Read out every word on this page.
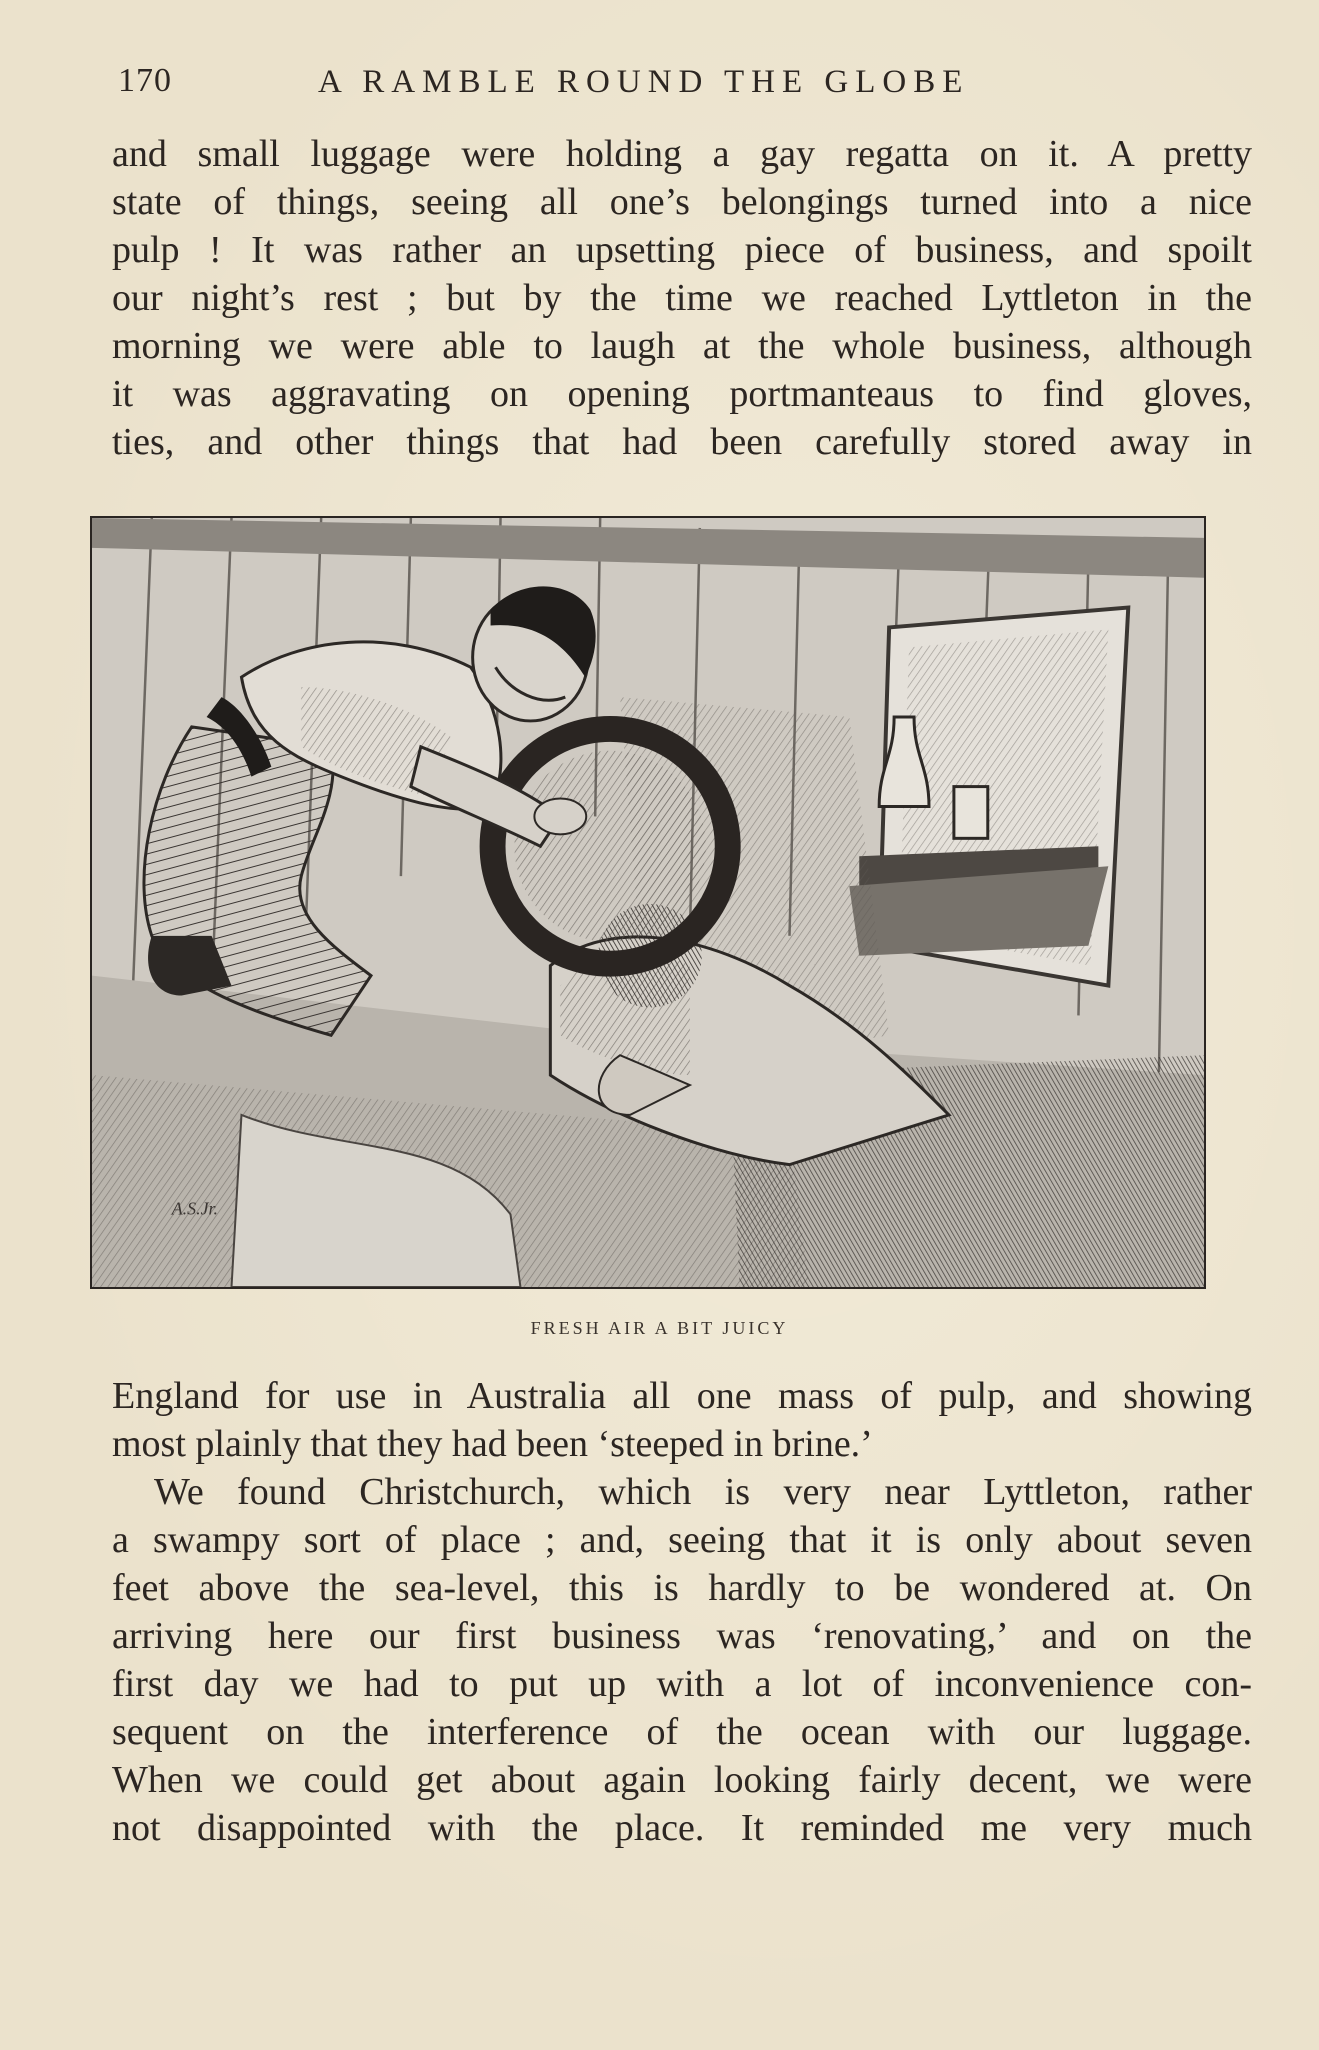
170	A RAMBLE ROUND THE GLOBE
and small luggage were holding a gay regatta on it. A pretty
state of things, seeing all one’s belongings turned into a nice
pulp ! It was rather an upsetting piece of business, and spoilt
our night’s rest ; but by the time we reached Lyttleton in the
morning we were able to laugh at the whole business, although
it was aggravating on opening portmanteaus to find gloves,
ties, and other things that had been carefully stored away in
A.S.Jr.
FRESH AIR A BIT JUICY
England for use in Australia all one mass of pulp, and showing
most plainly that they had been ‘steeped in brine.’
We found Christchurch, which is very near Lyttleton, rather
a swampy sort of place ; and, seeing that it is only about seven
feet above the sea-level, this is hardly to be wondered at. On
arriving here our first business was ‘renovating,’ and on the
first day we had to put up with a lot of inconvenience con-
sequent on the interference of the ocean with our luggage.
When we could get about again looking fairly decent, we were
not disappointed with the place. It reminded me very much
